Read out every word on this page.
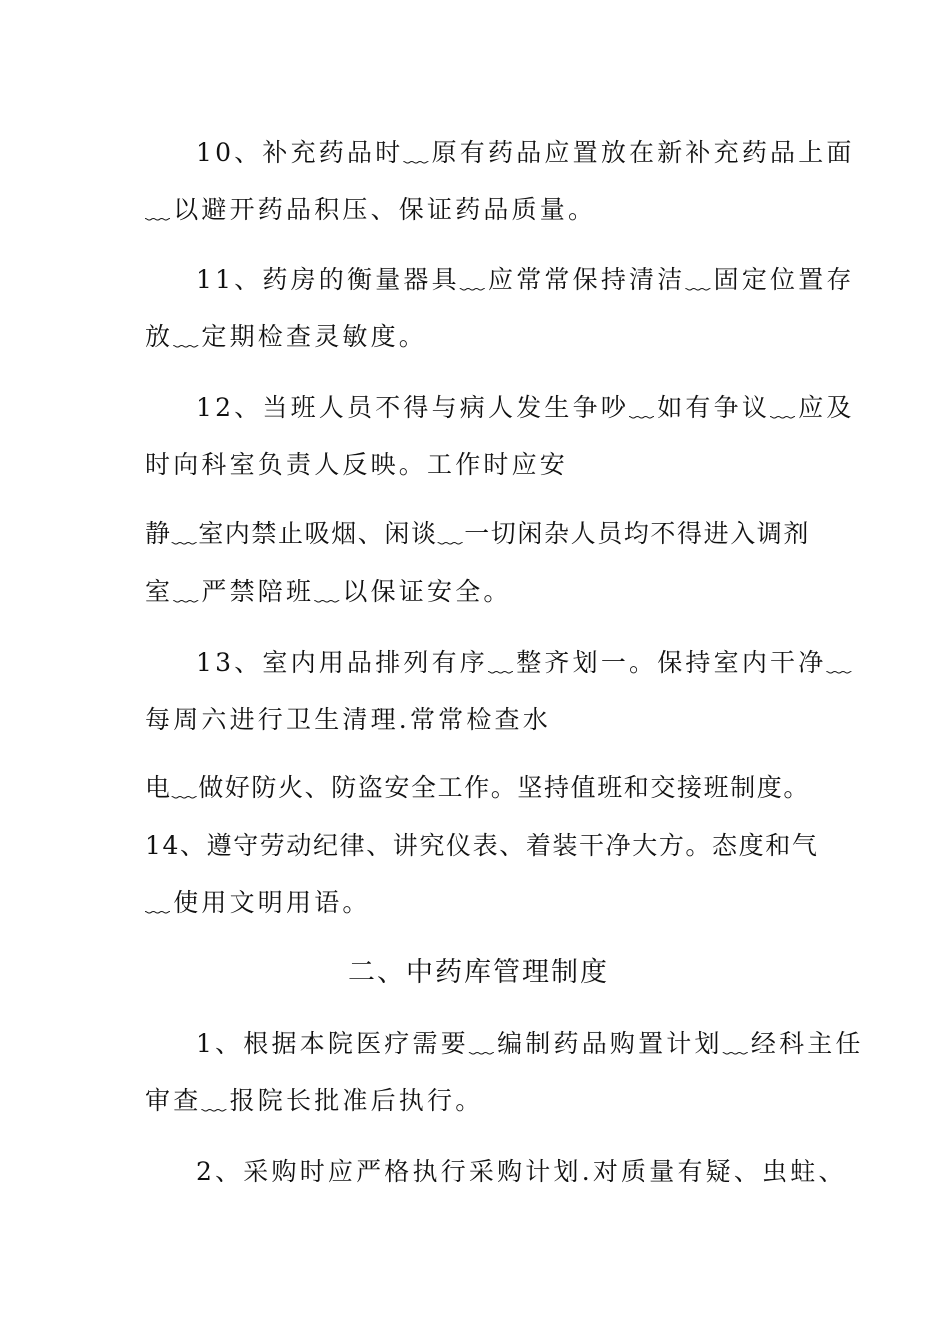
10、补充药品时﹏原有药品应置放在新补充药品上面
﹏以避开药品积压、保证药品质量。
11、药房的衡量器具﹏应常常保持清洁﹏固定位置存
放﹏定期检查灵敏度。
12、当班人员不得与病人发生争吵﹏如有争议﹏应及
时向科室负责人反映。工作时应安
静﹏室内禁止吸烟、闲谈﹏一切闲杂人员均不得进入调剂
室﹏严禁陪班﹏以保证安全。
13、室内用品排列有序﹏整齐划一。保持室内干净﹏
每周六进行卫生清理.常常检查水
电﹏做好防火、防盗安全工作。坚持值班和交接班制度。
14、遵守劳动纪律、讲究仪表、着装干净大方。态度和气
﹏使用文明用语。
二、中药库管理制度
1、根据本院医疗需要﹏编制药品购置计划﹏经科主任
审查﹏报院长批准后执行。
2、采购时应严格执行采购计划.对质量有疑、虫蛀、
